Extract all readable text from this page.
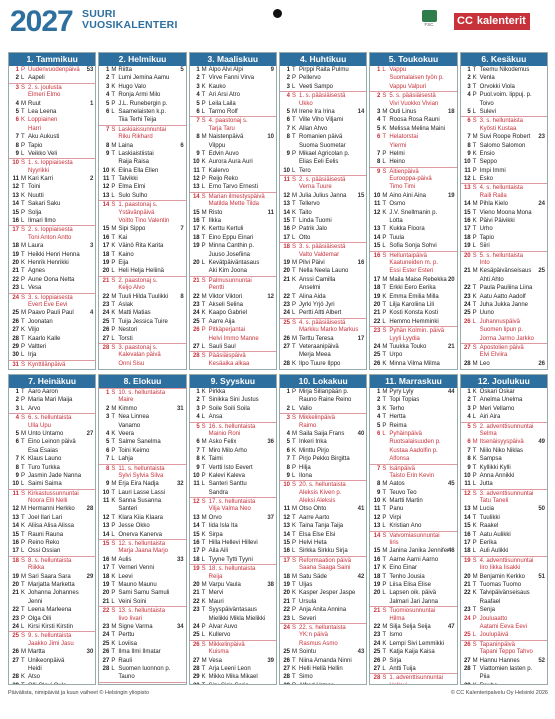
2027 SUURI
VUOSIKALENTERI	FSC	CC kalenterit
1. Tammikuu
1 P Uudenvuodenpäivä 53
2 L Aapeli
3 S 2. s. joulusta
Elmeri Elmo
4 M Ruut	1
5 T Lea Leena
6 K Loppiainen
Harri
7 T Aku Aukusti
8 P Tapio
9 L Veikko Veli
10 S 1. s. loppiaisesta
Nyyrikki
11 M Kari Karri	2
12 T Toini
13 K Nuutti
14 T Sakari Saku
15 P Solja
16 L Ilmari Ilmo
17 S 2. s. loppiaisesta
Toni Anton Antto
18 M Laura	3
19 T Heikki Henri Henna
20 K Henrik Henrikki
21 T Agnes
22 P Aune Oona Netta
23 L Vesa
24 S 3. s. loppiaisesta
Evert Eve Eevi
25 M Paavo Pauli Paul	4
26 T Joonatan
27 K Viljo
28 T Kaarlo Kalle
29 P Valtteri
30 L Irja
31 S Kynttilänpäivä
2. Helmikuu
1 M Riitta	5
2 T Lumi Jemina Aamu
3 K Hugo Valo
4 T Ronja Armi Milo
5 P J.L. Runebergin p.
6 L Saamelaisten k.p.
Tiia Terhi Teija
7 S Laskiaissunnuntai
Riku Rikhard
8 M Laina	6
9 T Laskiaistiistai
Raija Raisa
10 K Elina Ella Ellen
11 T Talvikki
12 P Elma Elmi
13 L Sulo Sulho
14 S 1. paastonaj s.
Ystävänpäivä
Voitto Tino Valentin
15 M Sipi Sippo	7
16 T Kai
17 K Väinö Rita Karita
18 T Kaino
19 P Eija
20 L Heli Helja Heliinä
21 S 2. paastonaj s.
Keijo Alvo
22 M Tuuli Hilda Tuulikki 8
23 T Aslak
24 K Matti Matias
25 T Tuija Jessica Tuire
26 P Nestori
27 L Torsti
28 S 3. paastonaj s.
Kalevalan päivä
Onni Sisu
3. Maaliskuu
1 M Alpo Alvi Alpi	9
2 T Virve Fanni Virva
3 K Kauko
4 T Ari Arsi Atro
5 P Leila Laila
6 L Tarmo Rolf
7 S 4. paastonaj s.
Tarja Taru
8 M Naistenpäivä	10
Vilppu
9 T Edvin Auvo
10 K Aurora Aura Auri
11 T Kalervo
12 P Reijo Reko
13 L Erno Tarvo Ernesti
14 S Marian ilmestyspäivä
Matilda Mette Tilda
15 M Risto	11
16 T Ilkka
17 K Kerttu Kertuli
18 T Eino Eppu Einari
19 P Minna Canthin p.
Juuso Josefiina
20 L Kevätpäiväntasaus
Aki Kim Joona
21 S Palmusunnuntai
Pentti
22 M Viktor Viktori	12
23 T Akseli Selina
24 K Kaapo Gabriel
25 T Aarre Aija
26 P Pitkäperjantai
Helvi Immo Manne
27 L Sauli Saul
28 S Pääsiäispäivä
Kesäaika alkaa
4. Huhtikuu
1 T Pirppi Raita Pulmu
2 P Pellervo
3 L Veeti Sampo
4 S 1. s. pääsiäisestä
Ukko
5 M Irene Ira Irina	14
6 T Ville Viho Viljami
7 K Allan Ahvo
8 T Romanien päivä
Suoma Suometar
9 P Mikael Agricolan p.
Elias Eeli Eelis
10 L Tero
11 S 2. s. pääsiäisestä
Verna Tuure
12 M Julia Julius Janna 15
13 T Tellervo
14 K Taito
15 T Linda Tuomi
16 P Patrik Jalo
17 L Otto
18 S 3. s. pääsiäisestä
Valto Valdemar
19 M Pilvi Päivi	16
20 T Nella Neela Launo
21 K Anssi Camilla
Anselmi
22 T Alina Aida
23 P Jyrki Yrjö Jyri
24 L Pertti Altti Albert
25 S 4. s. pääsiäisestä
Markku Marko Markus
26 M Terttu Teresa	17
27 T Veteraanipäivä
Merja Meea
28 K Ilpo Tuure Ilppo
5. Toukokuu
1 L Vappu
Suomalaisen työn p.
Vappu Valpuri
2 S 5. s. pääsiäisestä
Vivi Vuokko Vivian
3 M Outi Linus	18
4 T Roosa Rosa Rauni
5 K Melissa Melina Maini
6 T Helatorstai
Ylermi
7 P Helmi
8 L Heino
9 S Äitienpäivä
Eurooppa-päivä
Timo Timi
10 M Aino Aini Aina	19
11 T Osmo
12 K J.V. Snellmanin p.
Lotta
13 T Kukka Floora
14 P Tuula
15 L Sofia Sonja Sohvi
16 S Helluntaipäivä
Kaatuneiden m. p.
Essi Ester Esteri
17 M Maila Maise Rebekka 20
18 T Erkki Eero Eerika
19 K Emma Emilia Milla
20 T Lilja Karoliina Lili
21 P Kosti Konsta Kosti
22 L Hemmo Hemminki
23 S Pyhän Kolmin. päivä
Lyyli Lyydia
24 M Tuukka Touko	21
25 T Urpo
26 K Minna Vilma Milma
6. Kesäkuu
1 T Teemu Nikodemus
2 K Venla
3 T Orvokki Viola
4 P Puol.voim. lippuj. p.
Toivo
5 L Sulevi
6 S 3. s. helluntaista
Kyösti Kustaa
7 M Suvi Roope Robert 23
8 T Salomo Salomon
9 K Ensio
10 T Seppo
11 P Impi Immi
12 L Esko
13 S 4. s. helluntaista
Raili Raila
14 M Pihla Kielo	24
15 T Vieno Moona Mona
16 K Päivi Päivikki
17 T Urho
18 P Tapio
19 L Siiri
20 S 5. s. helluntaista
Into
21 M Kesäpäivänseisaus 25
Ahti Ahto
22 T Paula Pauliina Liina
23 K Aatu Aatto Aadolf
24 T Juha Jukka Janne
25 P Uuno
26 L Juhannuspäivä
Suomen lipun p.
Jorma Jarmo Jarkko
27 S Apostolien päivä
Elvi Elviira
28 M Leo	26
7. Heinäkuu
1 T Aaro Aaron
2 P Maria Mari Maija
3 L Arvo
4 S 6. s. helluntaista
Ulla Upu
5 M Unto Untamo	27
6 T Eino Leinon päivä
Esa Esaias
7 K Klaus Launo
8 T Turo Turkka
9 P Jasmin Jade Nanna
10 L Saimi Saima
11 S Kirkastussunnuntai
Noora Elli Nelli
12 M Hermanni Herkko 28
13 T Joel Ilari Lari
14 K Aliisa Alisa Alissa
15 T Rauni Rauna
16 P Reino Reko
17 L Ossi Ossian
18 S 8. s. helluntaista
Riikka
19 M Sari Saara Sara	29
20 T Marjatta Marketta
21 K Johanna Johannes
Jenni
22 T Leena Marleena
23 P Olga Oili
24 L Kirsi Kirsti Kirstin
25 S 9. s. helluntaista
Jaakko Jimi Jasu
26 M Martta	30
27 T Unikeonpäivä
Heidi
28 K Atso
8. Elokuu
1 S 10. s. helluntaista
Maire
2 M Kimmo	31
3 T Nea Linnea
Vanamo
4 K Veera
5 T Salme Sanelma
6 P Toini Keimo
7 L Lahja
8 S 11. s. helluntaista
Sylvi Sylvia Silva
9 M Erja Eira Nadja	32
10 T Lauri Lasse Lassi
11 K Sanna Susanna
Santeri
12 T Klara Kiia Klaara
13 P Jesse Okko
14 L Onerva Kanerva
15 S 12. s. helluntaista
Marja Jaana Marjo
16 M Aulis	33
17 T Verneri Venni
18 K Leevi
19 T Mauno Maunu
20 P Sami Samu Samuli
21 L Veini Soini
22 S 13. s. helluntaista
Iivo Iivari
23 M Signe Varma	34
24 T Perttu
25 K Loviisa
26 T Ilma Ilmi Ilmatar
27 P Rauli
28 L Suomen luonnon p.
Tauno
9. Syyskuu
1 K Pirkka
2 T Sinikka Sini Justus
3 P Soile Soili Soila
4 L Ansa
5 S 16. s. helluntaista
Mainio Roni
6 M Asko Felix	36
7 T Miro Milo Arho
8 K Taimi
9 T Vertti Isto Eevert
10 P Kalevi Kaleva
11 L Santeri Santtu
Sandra
12 S 17. s. helluntaista
Vilja Valma Neo
13 M Orvo	37
14 T Iida Isla Ita
15 K Sirpa
16 T Hilla Hellevi Hillevi
17 P Aila Aili
18 L Tyyne Tytti Tyyni
19 S 18. s. helluntaista
Reija
20 M Varpu Vaula	38
21 T Mervi
22 K Mauri
23 T Syyspäiväntasaus
Mielikki Mikla Mielikki
24 P Alvar Auvo
25 L Kullervo
26 S Mikkelinpäivä
Kuisma
27 M Vesa	39
28 T Arja Leeni Leon
29 K Mikko Mika Mikael
10. Lokakuu
1 P Mirja Sillanpään p.
Rauno Raine Reino
2 L Valio
3 S Mikkelinpäivä
Raimo
4 M Saila Saija Frans 40
5 T Inkeri Inka
6 K Minttu Pirjo
7 T Pirjo Pekko Birgitta
8 P Hilja
9 L Ilona
10 S 20. s. helluntaista
Aleksis Kiven p.
Aleksi Aleksis
11 M Otso Ohto	41
12 T Aarre Aarto
13 K Taina Tanja Taija
14 T Elsa Else Elsi
15 P Helvi Heta
16 L Sirkka Sirkku Sirja
17 S Reformaation päivä
Saana Saaga Saini
18 M Satu Säde	42
19 T Uljas
20 K Kasper Jesper Jaspe
21 T Ursula
22 P Anja Anita Annina
23 L Severi
24 S 22. s. helluntaista
YK:n päivä
Rasmus Asmo
25 M Sointu	43
26 T Niina Amanda Ninni
27 K Helli Hellä Hellin
28 T Simo
11. Marraskuu
1 M Pyry Lyly	44
2 T Topi Topias
3 K Terho
4 T Hertta
5 P Reima
6 L Pyhäinpäivä
Ruotsalaisuuden p.
Kustaa Aadolfin p.
Alfonsa
7 S Isänpäivä
Taisto Erin Kevin
8 M Aatos	45
9 T Teuvo Teo
10 K Martti Martin
11 T Panu
12 P Virpi
13 L Kristian Ano
14 S Valvomiasunnuntai
Iiris
15 M Janina Janika Jennifer
46
16 T Aarne Aarni Aarno
17 K Eino Einar
18 T Tenho Jousia
19 P Liisa Elisa Elise
20 L Lapsen oik. päivä
Jalmari Jari Janna
21 S Tuomiosunnuntai
Hilma
22 M Silja Selja Seija	47
23 T Ismo
24 K Lempi Sivi Lemmikki
25 T Katja Kaija Kaisa
26 P Sirja
27 L Antti Tuija
28 S 1. adventtisunnuntai
12. Joulukuu
1 K Oskari Oskar
2 T Anelma Unelma
3 P Meri Vellamo
4 L Airi Aira
5 S 2. adventtisunnuntai
Selma
6 M Itsenäisyyspäivä 49
7 T Niilo Niko Niklas
8 K Sampsa
9 T Kyllikki Kylli
10 P Anna Annikki
11 L Jutta
12 S 3. adventtisunnuntai
Tatu Taneli
13 M Lucia	50
14 T Tuulikki
15 K Raakel
16 T Aatu Aulikki
17 P Eerika
18 L Auli Aulikki
19 S 4. adventtisunnuntai
Iiro Iikka Iisakki
20 M Benjamin Kerkko 51
21 T Tuomas Tuomo
22 K Talvipäivänseisaus
Raafael
23 T Senja
24 P Jouluaatto
Aatami Eeva Eevi
25 L Joulupäivä
26 S Tapaninpäivä
Tapani Teppo Tahvo
27 M Hannu Hannes	52
28 T Viattomien lasten p.
Piia
Päivälista, nimipäivät ja kuun vaiheet © Helsingin yliopisto	© CC Kalenteripalvelu Oy Helsinki 2026
